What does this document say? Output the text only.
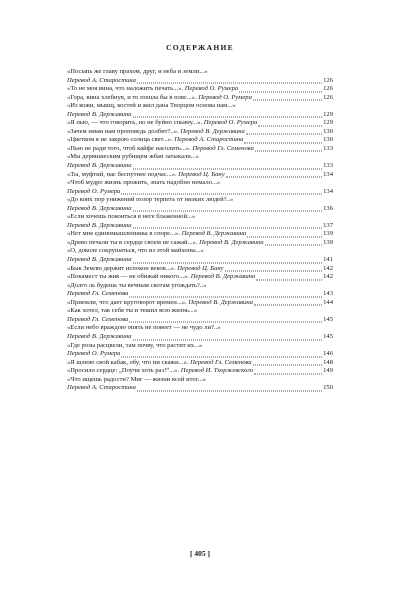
СОДЕРЖАНИЕ
«Посыпь же главу прахом, друг, и неба и земли...»
Перевод А. Старостина	126
«То не моя вина, что наложить печать...». Перевод О. Румера	126
«Гора, вина хлебнув, и то пошла бы в пляс...». Перевод О. Румера	126
«Из кожи, мышц, костей и жил дана Творцом основа нам...»
Перевод В. Державина	129
«Я пью, — что говорить, но не буйно спьяну...». Перевод О. Румера	129
«Зачем имам нам проповедь долбит?..». Перевод В. Державина	130
«Цветком я не закрою солнца свет...». Перевод А. Старостина	130
«Пью не ради того, чтоб кайфе насолить...». Перевод Гл. Семенова	133
«Мы дервишеским рубищем жбан затыкали...»
Перевод В. Державина	133
«Ты, муфтий, нас беспутнее подчас...». Перевод Ц. Бану	134
«Чтоб мудро жизнь прожить, знать надобно немало...»
Перевод О. Румера	134
«До коих пор унижений позор терпеть от низких людей?..»
Перевод В. Державина	136
«Если хочешь покоиться в неге блаженной...»
Перевод В. Державина	137
«Нет мне единомышленника в споре...». Перевод В. Державина	139
«Древо печали ты в сердце своем не сажай...». Перевод В. Державина	139
«О, доколе сокрушаться, что из этой майхоны...»
Перевод В. Державина	141
«Бык Землю держит испокон веков...». Перевод Ц. Бану	142
«Покамест ты жив — не обижай никого...». Перевод В. Державина	142
«Долго ль будешь ты вечным скотам угождать?..»
Перевод Гл. Семенова	143
«Приемли, что дает круговорот времен...». Перевод В. Державина	144
«Как хотел, так себя ты и тешил всю жизнь...»
Перевод Гл. Семенова	145
«Если небо враждою опять не повеет — не чудо ли?..»
Перевод В. Державина	145
«Где розы расцвели, там почву, что растит их...»
Перевод О. Румера	146
«Я шлюю свой кабак, лбу, что ни скажи...». Перевод Гл. Семенова	148
«Просило сердце: „Поучи хоть раз!“...». Перевод И. Тхоржевского	149
«Что ищешь радости? Миг — жизни всей итог...»
Перевод А. Старостина	150
[ 405 ]
